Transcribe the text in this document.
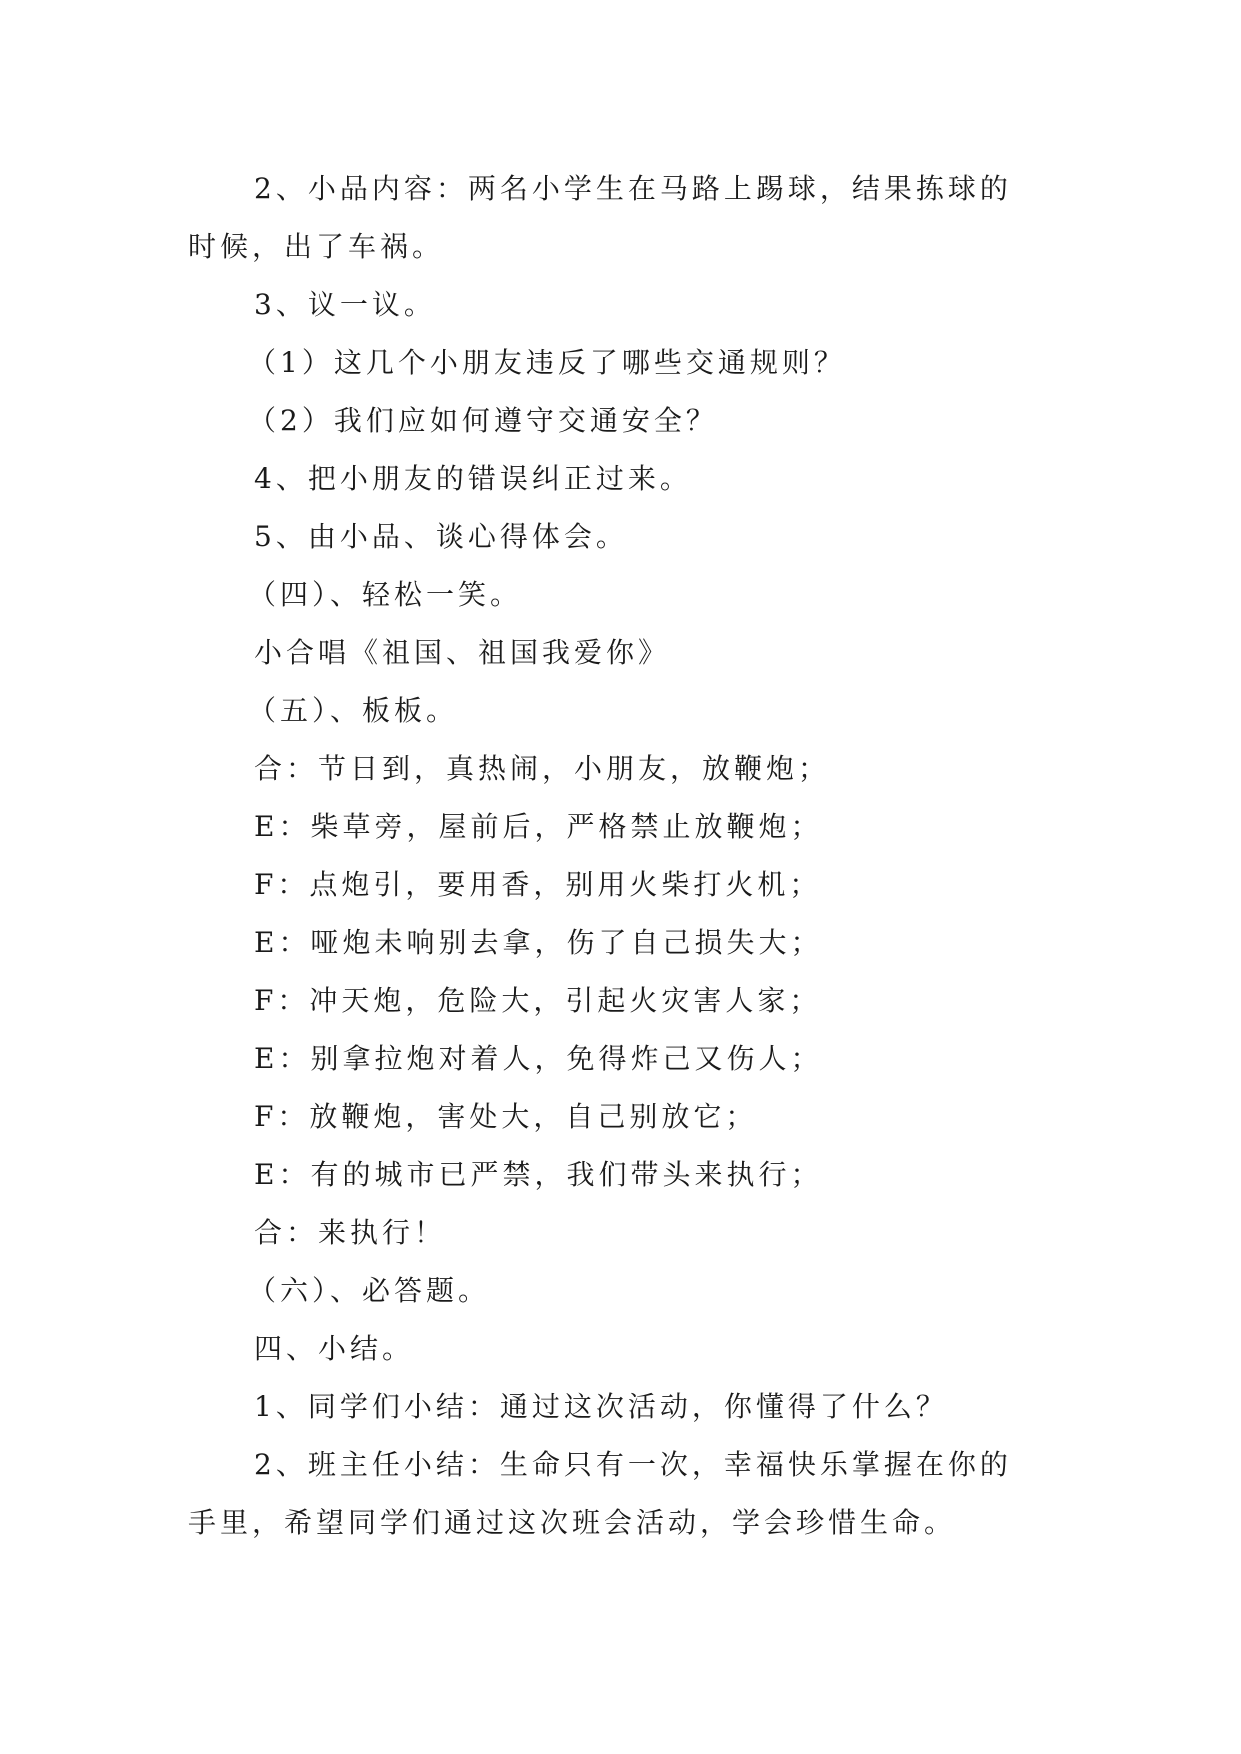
2、小品内容：两名小学生在马路上踢球，结果拣球的
时候，出了车祸。
3、议一议。
（1）这几个小朋友违反了哪些交通规则？
（2）我们应如何遵守交通安全？
4、把小朋友的错误纠正过来。
5、由小品、谈心得体会。
（四）、轻松一笑。
小合唱《祖国、祖国我爱你》
（五）、板板。
合：节日到，真热闹，小朋友，放鞭炮；
E：柴草旁，屋前后，严格禁止放鞭炮；
F：点炮引，要用香，别用火柴打火机；
E：哑炮未响别去拿，伤了自己损失大；
F：冲天炮，危险大，引起火灾害人家；
E：别拿拉炮对着人，免得炸己又伤人；
F：放鞭炮，害处大，自己别放它；
E：有的城市已严禁，我们带头来执行；
合：来执行！
（六）、必答题。
四、小结。
1、同学们小结：通过这次活动，你懂得了什么？
2、班主任小结：生命只有一次，幸福快乐掌握在你的
手里，希望同学们通过这次班会活动，学会珍惜生命。
